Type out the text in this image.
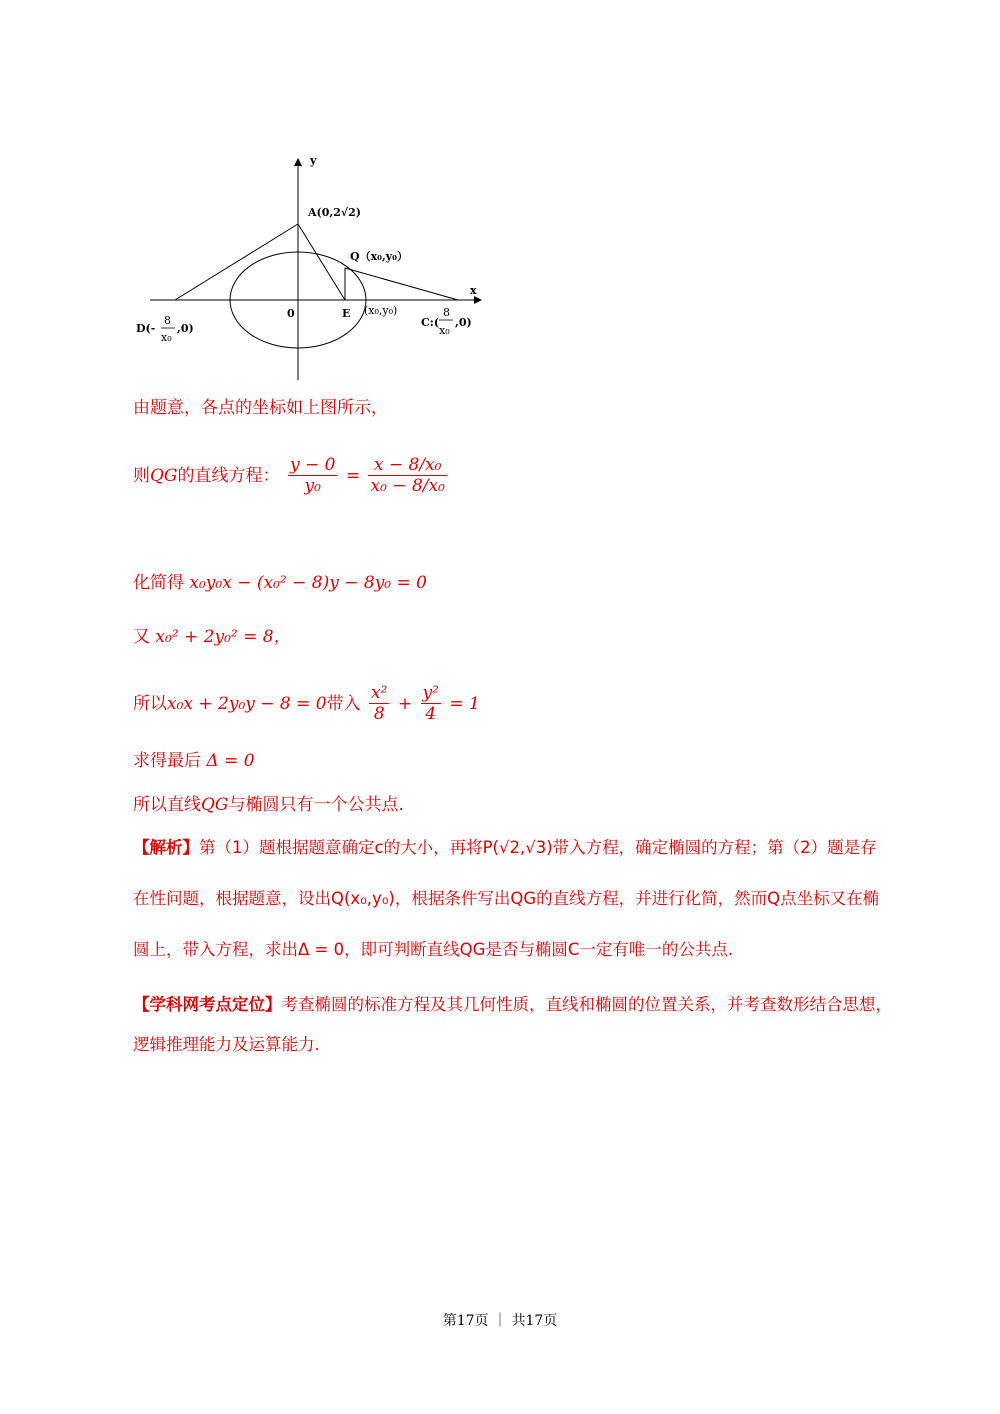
y
x
A(0,2√2)
Q（x₀,y₀）
0	E (x₀,y₀)
D(-
8
x₀
,0)	C:(
8
x₀
,0)
由题意，各点的坐标如上图所示，
则QG的直线方程： $\frac{y - 0}{\text{y₀}} = \frac{\text{x − 8/x₀}}{\text{x₀ − 8/x₀}}$
化简得 x₀y₀x − (x₀² − 8)y − 8y₀ = 0
又 x₀² + 2y₀² = 8，
所以x₀x + 2y₀y − 8 = 0带入 $\frac{\text{x²}}{8} + \frac{\text{y²}}{4} = 1$
求得最后 Δ = 0
所以直线QG与椭圆只有一个公共点.
【解析】第（1）题根据题意确定c的大小，再将P(√2,√3)带入方程，确定椭圆的方程；第（2）题是存在性问题，根据题意，设出Q(x₀,y₀)，根据条件写出QG的直线方程，并进行化简，然而Q点坐标又在椭圆上，带入方程，求出Δ = 0，即可判断直线QG是否与椭圆C一定有唯一的公共点.
【学科网考点定位】考查椭圆的标准方程及其几何性质，直线和椭圆的位置关系，并考查数形结合思想，逻辑推理能力及运算能力.
第17页 ｜ 共17页
